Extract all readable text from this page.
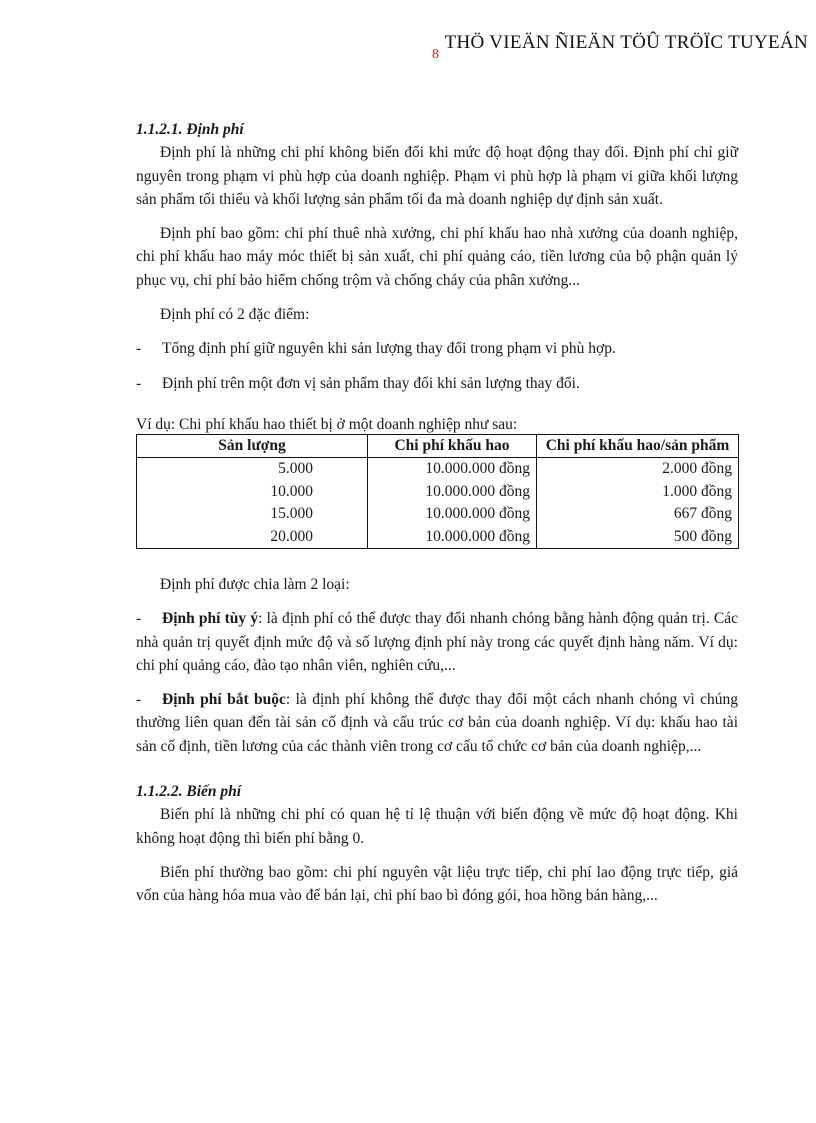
THÖ VIEÄN ÑIEÄN TÖÛ TRÖÏC TUYEÁN
8

1.1.2.1. Định phí

Định phí là những chi phí không biến đổi khi mức độ hoạt động thay đổi. Định phí chỉ giữ nguyên trong phạm vi phù hợp của doanh nghiệp. Phạm vi phù hợp là phạm vi giữa khối lượng sản phẩm tối thiểu và khối lượng sản phẩm tối đa mà doanh nghiệp dự định sản xuất.

Định phí bao gồm: chi phí thuê nhà xưởng, chi phí khấu hao nhà xưởng của doanh nghiệp, chi phí khấu hao máy móc thiết bị sản xuất, chi phí quảng cáo, tiền lương của bộ phận quản lý phục vụ, chi phí bảo hiểm chống trộm và chống cháy của phân xưởng...

Định phí có 2 đặc điểm:

-	Tổng định phí giữ nguyên khi sản lượng thay đổi trong phạm vi phù hợp.
-	Định phí trên một đơn vị sản phẩm thay đổi khi sản lượng thay đổi.

Ví dụ: Chi phí khấu hao thiết bị ở một doanh nghiệp như sau:

Sản lượng	Chi phí khấu hao	Chi phí khấu hao/sản phẩm
5.000	10.000.000 đồng	2.000 đồng
10.000	10.000.000 đồng	1.000 đồng
15.000	10.000.000 đồng	667 đồng
20.000	10.000.000 đồng	500 đồng

Định phí được chia làm 2 loại:

- Định phí tùy ý: là định phí có thể được thay đổi nhanh chóng bằng hành động quản trị. Các nhà quản trị quyết định mức độ và số lượng định phí này trong các quyết định hàng năm. Ví dụ: chi phí quảng cáo, đào tạo nhân viên, nghiên cứu,...

- Định phí bắt buộc: là định phí không thể được thay đổi một cách nhanh chóng vì chúng thường liên quan đến tài sản cố định và cấu trúc cơ bản của doanh nghiệp. Ví dụ: khấu hao tài sản cố định, tiền lương của các thành viên trong cơ cấu tổ chức cơ bản của doanh nghiệp,...

1.1.2.2. Biến phí

Biến phí là những chi phí có quan hệ tỉ lệ thuận với biến động về mức độ hoạt động. Khi không hoạt động thì biến phí bằng 0.

Biến phí thường bao gồm: chi phí nguyên vật liệu trực tiếp, chi phí lao động trực tiếp, giá vốn của hàng hóa mua vào để bán lại, chi phí bao bì đóng gói, hoa hồng bán hàng,...
